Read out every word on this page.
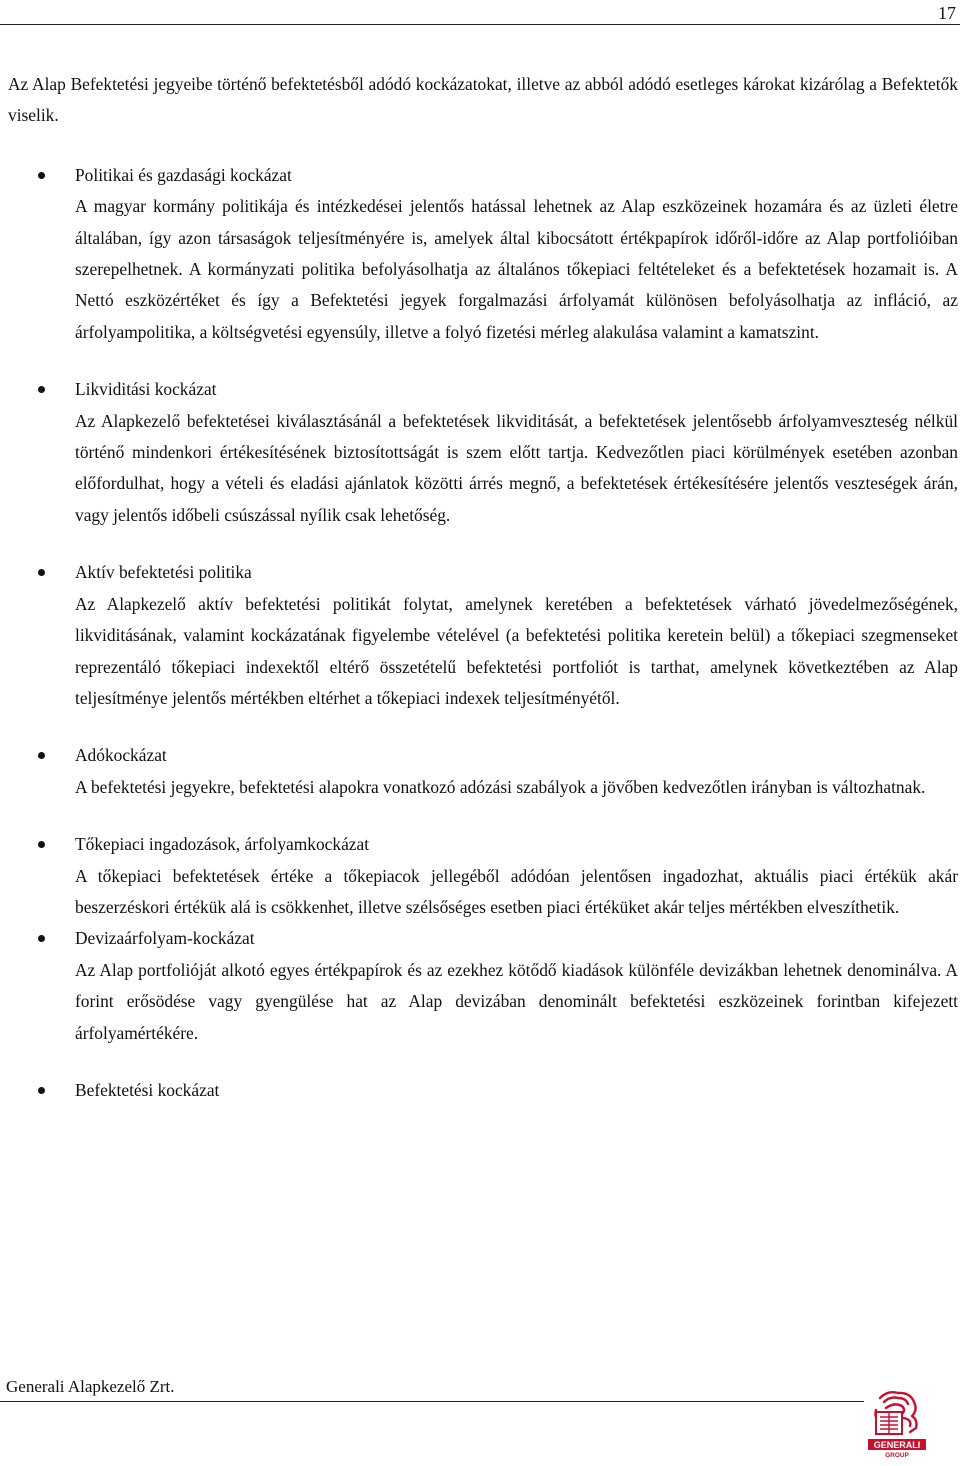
17

Az Alap Befektetési jegyeibe történő befektetésből adódó kockázatokat, illetve az abból adódó esetleges károkat kizárólag a Befektetők viselik.

Politikai és gazdasági kockázat

A magyar kormány politikája és intézkedései jelentős hatással lehetnek az Alap eszközeinek hozamára és az üzleti életre általában, így azon társaságok teljesítményére is, amelyek által kibocsátott értékpapírok időről-időre az Alap portfolióiban szerepelhetnek. A kormányzati politika befolyásolhatja az általános tőkepiaci feltételeket és a befektetések hozamait is. A Nettó eszközértéket és így a Befektetési jegyek forgalmazási árfolyamát különösen befolyásolhatja az infláció, az árfolyampolitika, a költségvetési egyensúly, illetve a folyó fizetési mérleg alakulása valamint a kamatszint.

Likviditási kockázat

Az Alapkezelő befektetései kiválasztásánál a befektetések likviditását, a befektetések jelentősebb árfolyamveszteség nélkül történő mindenkori értékesítésének biztosítottságát is szem előtt tartja. Kedvezőtlen piaci körülmények esetében azonban előfordulhat, hogy a vételi és eladási ajánlatok közötti árrés megnő, a befektetések értékesítésére jelentős veszteségek árán, vagy jelentős időbeli csúszással nyílik csak lehetőség.

Aktív befektetési politika

Az Alapkezelő aktív befektetési politikát folytat, amelynek keretében a befektetések várható jövedelmezőségének, likviditásának, valamint kockázatának figyelembe vételével (a befektetési politika keretein belül) a tőkepiaci szegmenseket reprezentáló tőkepiaci indexektől eltérő összetételű befektetési portfoliót is tarthat, amelynek következtében az Alap teljesítménye jelentős mértékben eltérhet a tőkepiaci indexek teljesítményétől.

Adókockázat

A befektetési jegyekre, befektetési alapokra vonatkozó adózási szabályok a jövőben kedvezőtlen irányban is változhatnak.

Tőkepiaci ingadozások, árfolyamkockázat

A tőkepiaci befektetések értéke a tőkepiacok jellegéből adódóan jelentősen ingadozhat, aktuális piaci értékük akár beszerzéskori értékük alá is csökkenhet, illetve szélsőséges esetben piaci értéküket akár teljes mértékben elveszíthetik.

Devizaárfolyam-kockázat

Az Alap portfolióját alkotó egyes értékpapírok és az ezekhez kötődő kiadások különféle devizákban lehetnek denominálva. A forint erősödése vagy gyengülése hat az Alap devizában denominált befektetési eszközeinek forintban kifejezett árfolyamértékére.

Befektetési kockázat
Generali Alapkezelő Zrt.
GENERALI
GROUP
